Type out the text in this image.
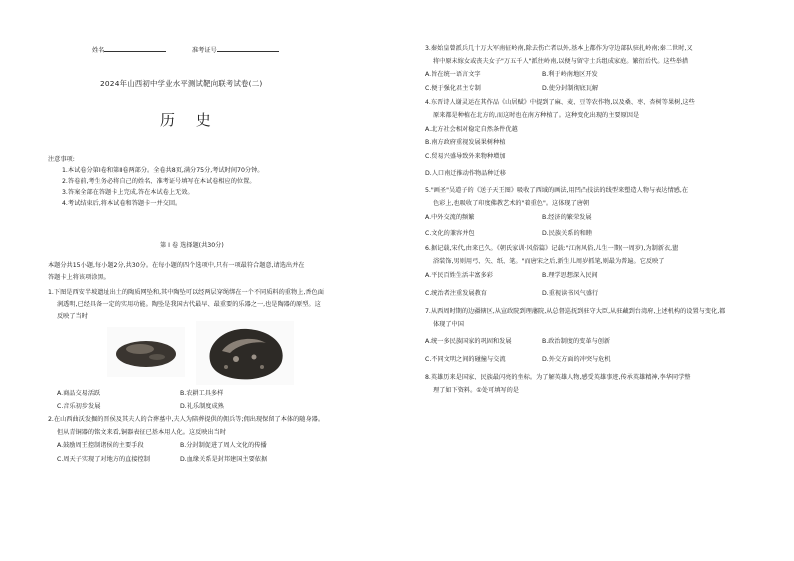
姓名	准考证号
2024年山西初中学业水平测试靶向联考试卷(二)
历 史
注意事项:
1.本试卷分第Ⅰ卷和第Ⅱ卷两部分。全卷共8页,满分75分,考试时间70分钟。
2.答卷前,考生务必将自己的姓名、准考证号填写在本试卷相应的位置。
3.答案全部在答题卡上完成,答在本试卷上无效。
4.考试结束后,将本试卷和答题卡一并交回。
第 Ⅰ 卷 选择题(共30分)
本题分共15小题,每小题2分,共30分。在每小题的四个选项中,只有一项最符合题意,请选出并在
答题卡上将该项涂黑。
1.下图是西安半坡遗址出土的陶质网坠和,其中陶坠可以经两层穿绳绑在一个不同质料的重物上,香色面
润透明,已经具备一定的实用功能。陶坠是我国古代最早、最重要的乐器之一,也是陶器的原型。这
反映了当时
A.商品交易活跃	B.农耕工具多样
C.音乐初步发展	D.礼乐制度成熟
2.在山西曲沃发掘的晋侯及其夫人的合葬墓中,夫人为陪葬提供的佣兵等;佣出现保留了本体的随身器。
但从青铜器的铭文来看,铜器表征已基本用人化。这反映出当时
A.鼓励周王控制诸侯的主要手段	B.分封制促进了周人文化的传播
C.周天子实现了对地方的直接控制	D.血缘关系是封邦建国主要依据
3.秦始皇曾派兵几十万大军南征岭南,除去伤亡者以外,基本上都作为守边部队驻扎岭南;秦二世时,又
将中原未嫁女或丧夫女子"万五千人"派往岭南,以便与留守士兵组成家庭。繁衍后代。这些举措
A.旨在统一语言文字	B.利于岭南地区开发
C.便于强化君主专制	D.使分封制彻底瓦解
4.东晋诗人谢灵运在其作品《山居赋》中提到了麻、麦、豆等农作物,以及桑、枣、杏树等果树,这些
原来都是种植在北方的,而这时也在南方种植了。这种变化出现的主要原因是
A.北方社会相对稳定自然条件优越
B.南方政府重视发展果树种植
C.贸易兴盛导致外来物种增加
D.人口南迁推动作物品种迁移
5."画圣"吴道子的《送子天王图》吸收了西域的画法,用凹凸技法的线型来塑造人物与表达情感,在
色彩上,也吸收了印度佛教艺术的"着重色"。这体现了唐朝
A.中外交流的频繁	B.经济的繁荣发展
C.文化的兼容并包	D.民族关系的和睦
6.据记载,宋代,由来已久。《朝氏家训·风俗篇》记载:"江南风俗,儿生一期(一周岁),为制新衣,盥
浴装饰,男则用弓、矢、纸、笔。"而唐宋之后,新生儿周岁抓笔,则最为普遍。它反映了
A.平民百姓生活丰富多彩	B.理学思想深入民间
C.统治者注重发展教育	D.重视读书风气盛行
7.从西周时期的边疆辖区,从宣政院到理藩院,从总督巡抚到驻守大臣,从驻藏到台湾府,上述机构的设置与变化,都
体现了中国
A.统一多民族国家的巩固和发展	B.政治制度的变革与创新
C.不同文明之间的碰撞与交流	D.外交方面的冲突与危机
8.英雄历来是国家、民族最闪亮的坐标。为了解英雄人物,感受英雄事迹,传承英雄精神,李华同学整
理了如下资料。①处可填写的是
